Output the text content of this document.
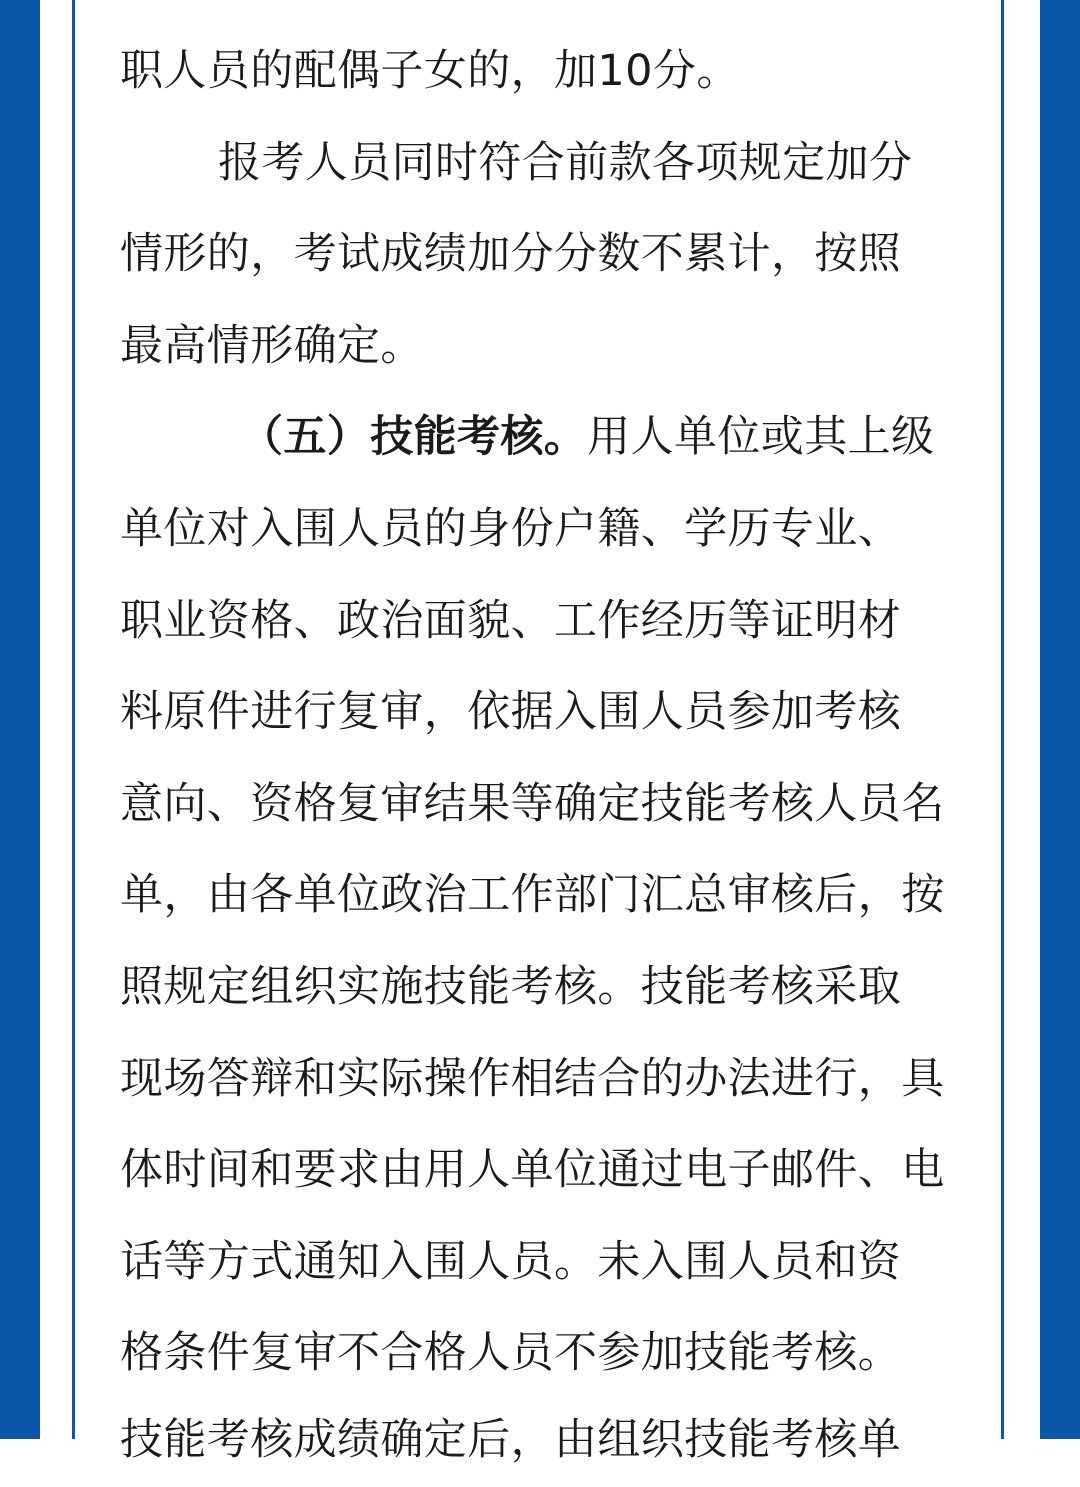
职人员的配偶子女的，加10分。
报考人员同时符合前款各项规定加分
情形的，考试成绩加分分数不累计，按照
最高情形确定。
（五）技能考核。用人单位或其上级
单位对入围人员的身份户籍、学历专业、
职业资格、政治面貌、工作经历等证明材
料原件进行复审，依据入围人员参加考核
意向、资格复审结果等确定技能考核人员名
单，由各单位政治工作部门汇总审核后，按
照规定组织实施技能考核。技能考核采取
现场答辩和实际操作相结合的办法进行，具
体时间和要求由用人单位通过电子邮件、电
话等方式通知入围人员。未入围人员和资
格条件复审不合格人员不参加技能考核。
技能考核成绩确定后，由组织技能考核单
